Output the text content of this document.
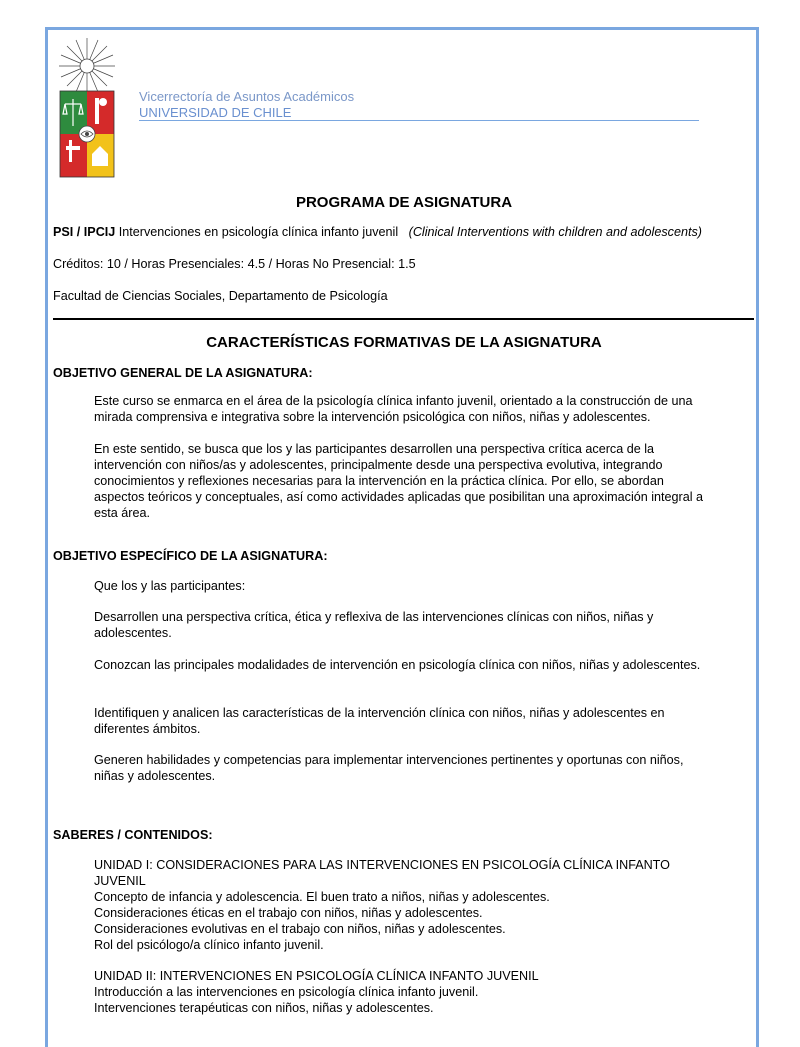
Vicerrectoría de Asuntos Académicos
UNIVERSIDAD DE CHILE
PROGRAMA DE ASIGNATURA
PSI / IPCIJ Intervenciones en psicología clínica infanto juvenil (Clinical Interventions with children and adolescents)
Créditos: 10 / Horas Presenciales: 4.5 / Horas No Presencial: 1.5
Facultad de Ciencias Sociales, Departamento de Psicología
CARACTERÍSTICAS FORMATIVAS DE LA ASIGNATURA
OBJETIVO GENERAL DE LA ASIGNATURA:
Este curso se enmarca en el área de la psicología clínica infanto juvenil, orientado a la construcción de una mirada comprensiva e integrativa sobre la intervención psicológica con niños, niñas y adolescentes.
En este sentido, se busca que los y las participantes desarrollen una perspectiva crítica acerca de la intervención con niños/as y adolescentes, principalmente desde una perspectiva evolutiva, integrando conocimientos y reflexiones necesarias para la intervención en la práctica clínica. Por ello, se abordan aspectos teóricos y conceptuales, así como actividades aplicadas que posibilitan una aproximación integral a esta área.
OBJETIVO ESPECÍFICO DE LA ASIGNATURA:
Que los y las participantes:
Desarrollen una perspectiva crítica, ética y reflexiva de las intervenciones clínicas con niños, niñas y adolescentes.
Conozcan las principales modalidades de intervención en psicología clínica con niños, niñas y adolescentes.
Identifiquen y analicen las características de la intervención clínica con niños, niñas y adolescentes en diferentes ámbitos.
Generen habilidades y competencias para implementar intervenciones pertinentes y oportunas con niños, niñas y adolescentes.
SABERES / CONTENIDOS:
UNIDAD I: CONSIDERACIONES PARA LAS INTERVENCIONES EN PSICOLOGÍA CLÍNICA INFANTO JUVENIL
Concepto de infancia y adolescencia. El buen trato a niños, niñas y adolescentes.
Consideraciones éticas en el trabajo con niños, niñas y adolescentes.
Consideraciones evolutivas en el trabajo con niños, niñas y adolescentes.
Rol del psicólogo/a clínico infanto juvenil.
UNIDAD II: INTERVENCIONES EN PSICOLOGÍA CLÍNICA INFANTO JUVENIL
Introducción a las intervenciones en psicología clínica infanto juvenil.
Intervenciones terapéuticas con niños, niñas y adolescentes.
